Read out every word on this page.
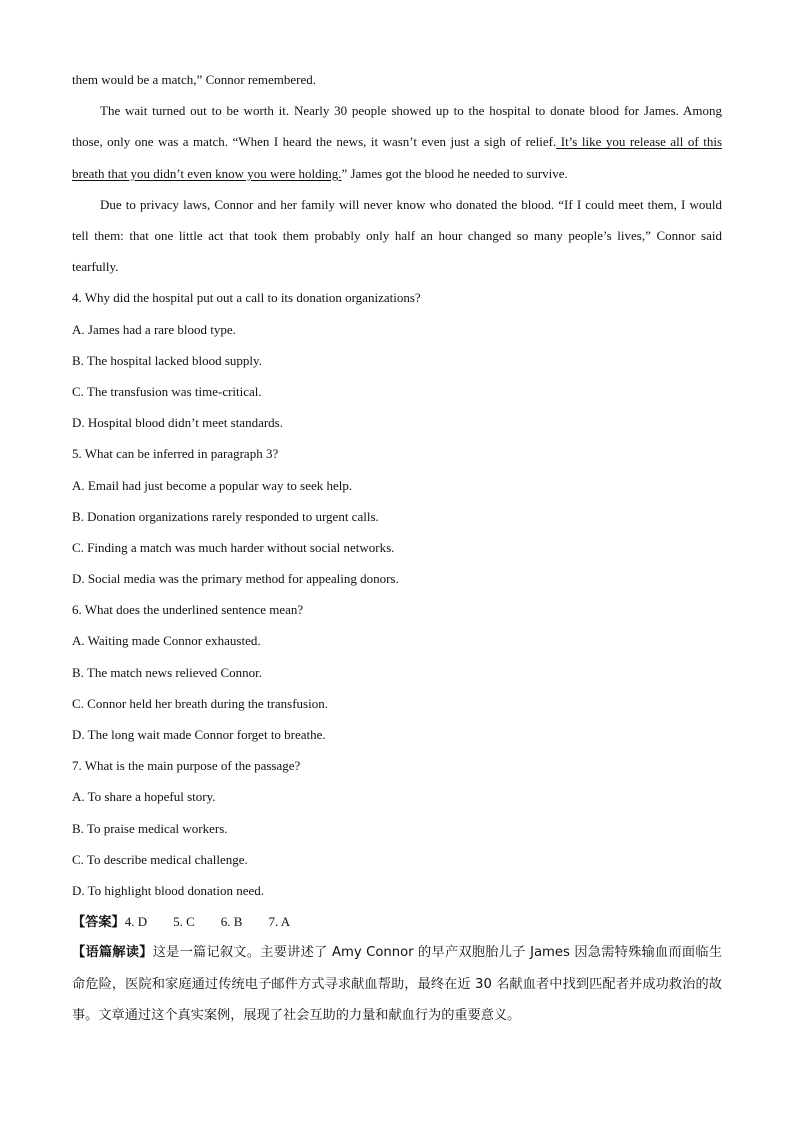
them would be a match,” Connor remembered.

The wait turned out to be worth it. Nearly 30 people showed up to the hospital to donate blood for James. Among those, only one was a match. “When I heard the news, it wasn’t even just a sigh of relief. It’s like you release all of this breath that you didn’t even know you were holding.” James got the blood he needed to survive.

Due to privacy laws, Connor and her family will never know who donated the blood. “If I could meet them, I would tell them: that one little act that took them probably only half an hour changed so many people’s lives,” Connor said tearfully.

4. Why did the hospital put out a call to its donation organizations?
A. James had a rare blood type.
B. The hospital lacked blood supply.
C. The transfusion was time-critical.
D. Hospital blood didn’t meet standards.
5. What can be inferred in paragraph 3?
A. Email had just become a popular way to seek help.
B. Donation organizations rarely responded to urgent calls.
C. Finding a match was much harder without social networks.
D. Social media was the primary method for appealing donors.
6. What does the underlined sentence mean?
A. Waiting made Connor exhausted.
B. The match news relieved Connor.
C. Connor held her breath during the transfusion.
D. The long wait made Connor forget to breathe.
7. What is the main purpose of the passage?
A. To share a hopeful story.
B. To praise medical workers.
C. To describe medical challenge.
D. To highlight blood donation need.
【答案】4. D        5. C        6. B        7. A

【语篇解读】这是一篇记叙文。主要讲述了 Amy Connor 的早产双胞胎儿子 James 因急需特殊输血而面临生命危险，医院和家庭通过传统电子邮件方式寻求献血帮助，最终在近 30 名献血者中找到匹配者并成功救治的故事。文章通过这个真实案例，展现了社会互助的力量和献血行为的重要意义。
